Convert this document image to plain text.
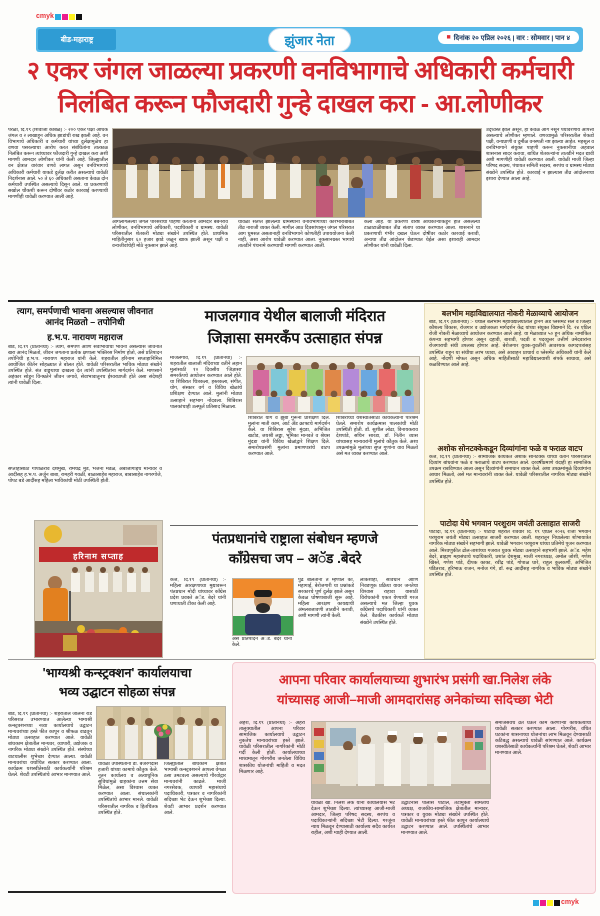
cmyk
बीड-महाराष्ट्र	झुंजार नेता	■ दिनांक २० एप्रिल २०२६ | वार : सोमवार | पान ४
२ एकर जंगल जाळल्या प्रकरणी वनविभागाचे अधिकारी कर्मचारी
निलंबित करून फौजदारी गुन्हे दाखल करा - आ.लोणीकर
परळी, दि.१९ (शिवाजी कांबळे) :- २०० एकर पेक्षा अधिक जंगल व २ लाखाहून अधिक झाडांची राख झाली आहे. वन विभागाचे अधिकारी व कर्मचारी यांच्या दुर्लक्षामुळेच हा वणवा पसरल्याचा आरोप करत संबंधितांना तात्काळ निलंबित करून त्यांच्यावर फौजदारी गुन्हे दाखल करा अशी मागणी आमदार लोणीकर यांनी केली आहे. जिल्ह्यातील वन क्षेत्रात वारंवार वणवे लागत असून वनविभागाचे अधिकारी कर्मचारी याकडे दुर्लक्ष करीत असल्याचे यावेळी निदर्शनास आले. ५० ते ६० अधिकारी असताना केवळ दोन कर्मचारी उपस्थित असल्याचे दिसून आले. या प्रकरणाची सखोल चौकशी करून दोषींवर कठोर कारवाई करण्याची मागणीही यावेळी करण्यात आली आहे.
आगलागलेल्या जंगल परिसराची पाहणी करताना आमदार बबनराव लोणीकर, वनविभागाचे अधिकारी, पदाधिकारी व ग्रामस्थ. यावेळी परिसरातील शेतकरी मोठ्या संख्येने उपस्थित होते. प्राथमिक माहितीनुसार ६० हजार झाडे जळून खाक झाली असून पक्षी व वन्यजीवांचेही मोठे नुकसान झाले आहे.
यावेळी संतप्त झालेल्या ग्रामस्थांनी वनविभागाच्या कारभाराबाबत तीव्र नाराजी व्यक्त केली. मागील आठ दिवसांपासून जंगल परिसरात आग धुमसत असतानाही वनविभागाने कोणतीही उपाययोजना केली नाही, असा आरोप यावेळी करण्यात आला. नुकसानग्रस्त भागाचे तातडीने पंचनामे करण्याची मागणी करण्यात आली.
केला आहे. या प्रकरणी वरिष्ठ अधिकाऱ्यांकडून होत असलेल्या टाळाटाळीबाबत तीव्र संताप व्यक्त करण्यात आला. शासनाने या प्रकरणाची गंभीर दखल घेऊन दोषींवर कठोर कारवाई करावी, अन्यथा तीव्र आंदोलन छेडण्यात येईल असा इशाराही आमदार लोणीकर यांनी यावेळी दिला.
उद्ध्वस्त झाले असून, ही केवळ आग नसून पर्यावरणीय आपत्ती असल्याचे लोणीकर म्हणाले. वणव्यामुळे परिसरातील शेकडो पक्षी, वन्यप्राणी व दुर्मीळ वनस्पती नष्ट झाल्या आहेत. महसूल व वनविभागाने संयुक्त पाहणी करून नुकसानीचा अहवाल शासनास सादर करावा, बाधित शेतकऱ्यांना तातडीने मदत द्यावी अशी मागणीही यावेळी करण्यात आली. यावेळी माजी जिल्हा परिषद सदस्य, पंचायत समिती सदस्य, सरपंच व ग्रामस्थ मोठ्या संख्येने उपस्थित होते. कारवाई न झाल्यास तीव्र आंदोलनाचा इशारा देण्यात आला आहे.
त्याग, समर्पणाची भावना असल्यास जीवनात आनंद मिळतो – तपोनिधी
ह.भ.प. नारायण महाराज
बीड, दि.१९ (प्रतिनिधी) :- त्याग, समर्पण आणि सेवाभावाची भावना असल्यास जीवनात खरा आनंद मिळतो, जीवन जगताना प्रत्येक क्षणाला भक्तिरस निर्माण होतो, असे प्रतिपादन तपोनिधी ह.भ.प. नारायण महाराज यांनी केले. शहरातील हरिनाम सप्ताहानिमित्त आयोजित कीर्तन सोहळ्यात ते बोलत होते. यावेळी परिसरातील भाविक मोठ्या संख्येने उपस्थित होते. संत वाङ्मयाचा दाखला देत त्यांनी उपस्थितांना मार्गदर्शन केले. माणसाने अहंकार सोडून विनम्रतेने जीवन जगावे, सेवाभावातूनच ईश्वरप्राप्ती होते असा संदेशही त्यांनी यावेळी दिला.
सप्ताहासाठी गोपाळराव देशमुख, रामचंद्र मुंडे, भजनी मंडळ, अंबाजोगाईचे मान्यवर व आदींसह ह.भ.प. अर्जुन बाबा, रामहरी गवळी, बाळासाहेब महाराज, बाबासाहेब नागरगोजे, पोपट बडे आदींसह महिला भाविकांची मोठी उपस्थिती होती.
हरिनाम सप्ताह
माजलगाव येथील बालाजी मंदिरात
जिज्ञासा समरकँप उत्साहात संपन्न
माजलगाव, दि.१९ (प्रतिनिधी) :- शहरातील बालाजी मंदिराच्या वतीने लहान मुलांसाठी १० दिवसीय 'जिज्ञासा' समरकँपचे आयोजन करण्यात आले होते. या शिबिरात चित्रकला, हस्तकला, संगीत, योग, संस्कार वर्ग व विविध खेळांचे प्रशिक्षण देण्यात आले. मुलांनी मोठ्या उत्साहाने सहभाग नोंदवला. शिबिरास पालकांचाही उत्स्फूर्त प्रतिसाद मिळाला.
शिबिरात योग व झुंबा गुरूंनी प्रशिक्षण दिले. मुलांना माती काम, आर्ट अँड क्राफ्टचे मार्गदर्शन केले. या शिबिरास सुरेश मुंदडा, अभिजित खटोड, जयश्री लड्डा, भूमिका मानवते व श्रेयस मुंदडा यांनी विविध खेळांद्वारे शिक्षण दिले. समारोपप्रसंगी मुलांना प्रमाणपत्रांचे वाटप करण्यात आले.
शिबिराच्या यशस्वीतेसाठी कार्यकर्त्यांनी परिश्रम घेतले. समारोप कार्यक्रमास पालकांची मोठी उपस्थिती होती. डॉ. सुशील लोढा, विनायकराव देशपांडे, सचिन सारडा, डॉ. नितीन व्यास यांच्यासह मान्यवरांनी मुलांचे कौतुक केले. अशा उपक्रमांमुळे मुलांच्या सुप्त गुणांना वाव मिळतो असे मत व्यक्त करण्यात आले.
पंतप्रधानांचे राष्ट्राला संबोधन म्हणजे
काँग्रेसचा जप – अॅड .बेदरे
केज, दि.१९ (प्रतिनिधी) :- महिला आरक्षणाच्या मुद्यावरून पंतप्रधान मोदी यांच्यावर काँग्रेस प्रदेश प्रवक्ते अॅड. बेदरे यांनी घणाघाती टीका केली आहे.
असे प्रतिपादन अॅड. बेदरे यांनी केले.
पुढे बोलताना ते म्हणाले की, महागाई, बेरोजगारी या प्रश्नांकडे सरकारचे पूर्ण दुर्लक्ष झाले असून केवळ घोषणाबाजी सुरू आहे. महिला आरक्षण कायद्याची अंमलबजावणी तातडीने करावी, अशी मागणी त्यांनी केली.
लोकशाही, संविधान आणि निवडणूक प्रक्रिया यावर जनतेचा विश्वास राहावा यासाठी विरोधकांनी एकत्र येण्याची गरज असल्याचे मत जिल्हा युवक काँग्रेसचे पदाधिकारी यांनी व्यक्त केले. बैठकीस कार्यकर्ते मोठ्या संख्येने उपस्थित होते.
बलभीम महाविद्यालयात नोकरी मेळाव्याचे आयोजन
बीड, दि.१९ (प्रतिनिधी) :- येथील बलभीम महाविद्यालयातील ट्रेनिंग अँड प्लेसमेंट सेल व जिल्हा कौशल्य विकास, रोजगार व उद्योजकता मार्गदर्शन केंद्र यांच्या संयुक्त विद्यमाने दि. २४ एप्रिल रोजी नोकरी मेळाव्याचे आयोजन करण्यात आले आहे. या मेळाव्यात ५० हून अधिक नामांकित कंपन्या सहभागी होणार असून दहावी, बारावी, पदवी व पदव्युत्तर उत्तीर्ण उमेदवारांना रोजगाराची संधी उपलब्ध होणार आहे. बेरोजगार युवक-युवतींनी आवश्यक कागदपत्रांसह उपस्थित राहून या संधीचा लाभ घ्यावा, असे आवाहन प्राचार्य व प्लेसमेंट अधिकारी यांनी केले आहे. नोंदणी मोफत असून अधिक माहितीसाठी महाविद्यालयाशी संपर्क साधावा, असे कळविण्यात आले आहे.
अशोक सोनटक्केकडून दिव्यांगांना फळे व फराळ वाटप
केज, दि.१९ (प्रतिनिधी) :- सामाजिक कार्यकर्ते अशोक सोनटक्के यांच्या वतीने परिसरातील दिव्यांग बांधवांना फळे व फराळाचे वाटप करण्यात आले. दरवर्षीप्रमाणे यंदाही हा सामाजिक उपक्रम राबविण्यात आला असून दिव्यांगांनी समाधान व्यक्त केले. अशा उपक्रमांमुळे दिव्यांगांना आधार मिळतो, असे मत मान्यवरांनी व्यक्त केले. यावेळी परिसरातील नागरिक मोठ्या संख्येने उपस्थित होते.
पाटोदा येथे भगवान परशुराम जयंती उत्साहात साजरी
पाटोदा, दि.१९ (प्रतिनिधी) :- पाटोदा शहरात रविवार दि. १९ एप्रिल २०२६ रोजी भगवान परशुराम जयंती मोठ्या उत्साहात साजरी करण्यात आली. शहरातून निघालेल्या शोभायात्रेत नागरिक मोठ्या संख्येने सहभागी झाले. यावेळी भगवान परशुराम यांच्या प्रतिमेचे पूजन करण्यात आले. मिरवणुकीत ढोल-ताशांच्या गजरात युवक मोठ्या उत्साहाने सहभागी झाले. अॅड. महेश बेदरे, ब्राह्मण महासंघाचे पदाधिकारी, प्रशांत देशमुख, माजी नगराध्यक्ष, अमोल जोशी, गणेश खिस्ते, गणेश पांडे, दीपक काका, रवींद्र पांडे, गोपाळ घारे, राहुल कुलकर्णी, अभिजित पंडितराव, हरिभाऊ राजन, मनोज गंगे, डॉ. रूद्र आदींसह नागरिक व भाविक मोठ्या संख्येने उपस्थित होते.
'भाग्यश्री कन्स्ट्रक्शन' कार्यालयाचा
भव्य उद्घाटन सोहळा संपन्न
बीड, दि.१९ (प्रतिनिधी) :- शहरातील जालना रोड परिसरात उभारण्यात आलेल्या भाग्यश्री कन्स्ट्रक्शनच्या नव्या कार्यालयाचे उद्घाटन मान्यवरांच्या हस्ते फीत कापून व श्रीफळ वाढवून मोठ्या उत्साहात करण्यात आले. यावेळी बांधकाम क्षेत्रातील मान्यवर, व्यापारी, उद्योजक व नागरिक मोठ्या संख्येने उपस्थित होते. संस्थेच्या वाटचालीस शुभेच्छा देण्यात आल्या. यावेळी मान्यवरांचा यथोचित सत्कार करण्यात आला. कार्यक्रम यशस्वीतेसाठी कार्यकर्त्यांनी परिश्रम घेतले. शेवटी उपस्थितांचे आभार मानण्यात आले.
यावेळी उपस्थितांनी डॉ. बजरंगदास हजारी यांच्या कामाचे कौतुक केले. नूतन कार्यालय व अत्याधुनिक सुविधांमुळे ग्राहकांना उत्तम सेवा मिळेल, असा विश्वास व्यक्त करण्यात आला. संचालकांनी उपस्थितांचे आभार मानले. यावेळी परिसरातील नागरिक व हितचिंतक उपस्थित होते.
जिल्ह्यातील बांधकाम क्षेत्रात भाग्यश्री कन्स्ट्रक्शनने आपला वेगळा ठसा उमटवला असल्याचे गौरवोद्गार मान्यवरांनी काढले. माजी नगरसेवक, व्यापारी महासंघाचे पदाधिकारी, पत्रकार व नागरिकांनी सदिच्छा भेट देऊन शुभेच्छा दिल्या. शेवटी आभार प्रदर्शन करण्यात आले.
आपना परिवार कार्यालयाच्या शुभारंभ प्रसंगी खा.निलेश लंके
यांच्यासह आजी–माजी आमदारांसह अनेकांच्या सदिच्छा भेटी
अहेरी, दि.१९ (प्रतिनिधी) :- अहेरी तालुक्यातील आपना परिवार सामाजिक कार्यालयाचे उद्घाटन नुकतेच मान्यवरांच्या हस्ते झाले. यावेळी परिसरातील नागरिकांनी मोठी गर्दी केली होती. कार्यालयाच्या माध्यमातून गोरगरीब जनतेला विविध शासकीय योजनांची माहिती व मदत मिळणार आहे.
यावेळी खा. निलेश लंके यांनी कार्यालयास भेट देऊन शुभेच्छा दिल्या. त्यांच्यासह आजी-माजी आमदार, जिल्हा परिषद सदस्य, सरपंच व पदाधिकाऱ्यांनी सदिच्छा भेटी दिल्या. गरजूंना न्याय मिळवून देण्यासाठी कार्यालय सदैव कार्यरत राहील, अशी ग्वाही देण्यात आली.
उद्घाटनास पोलीस पाटील, तंटामुक्ती समितीचे अध्यक्ष, राजकीय-सामाजिक क्षेत्रातील मान्यवर, पत्रकार व युवक मोठ्या संख्येने उपस्थित होते. यावेळी मान्यवरांच्या हस्ते फीत कापून कार्यालयाचे उद्घाटन करण्यात आले. उपस्थितांचे आभार मानण्यात आले.
समाजसेवेचे व्रत घेऊन काम करणाऱ्या कार्यकर्त्यांचा यावेळी सत्कार करण्यात आला. गोरगरीब, वंचित घटकांना शासनाच्या योजनांचा लाभ मिळवून देण्यासाठी कटिबद्ध असल्याचे यावेळी सांगण्यात आले. कार्यक्रम यशस्वीतेसाठी कार्यकर्त्यांनी परिश्रम घेतले, शेवटी आभार मानण्यात आले.
cmyk
